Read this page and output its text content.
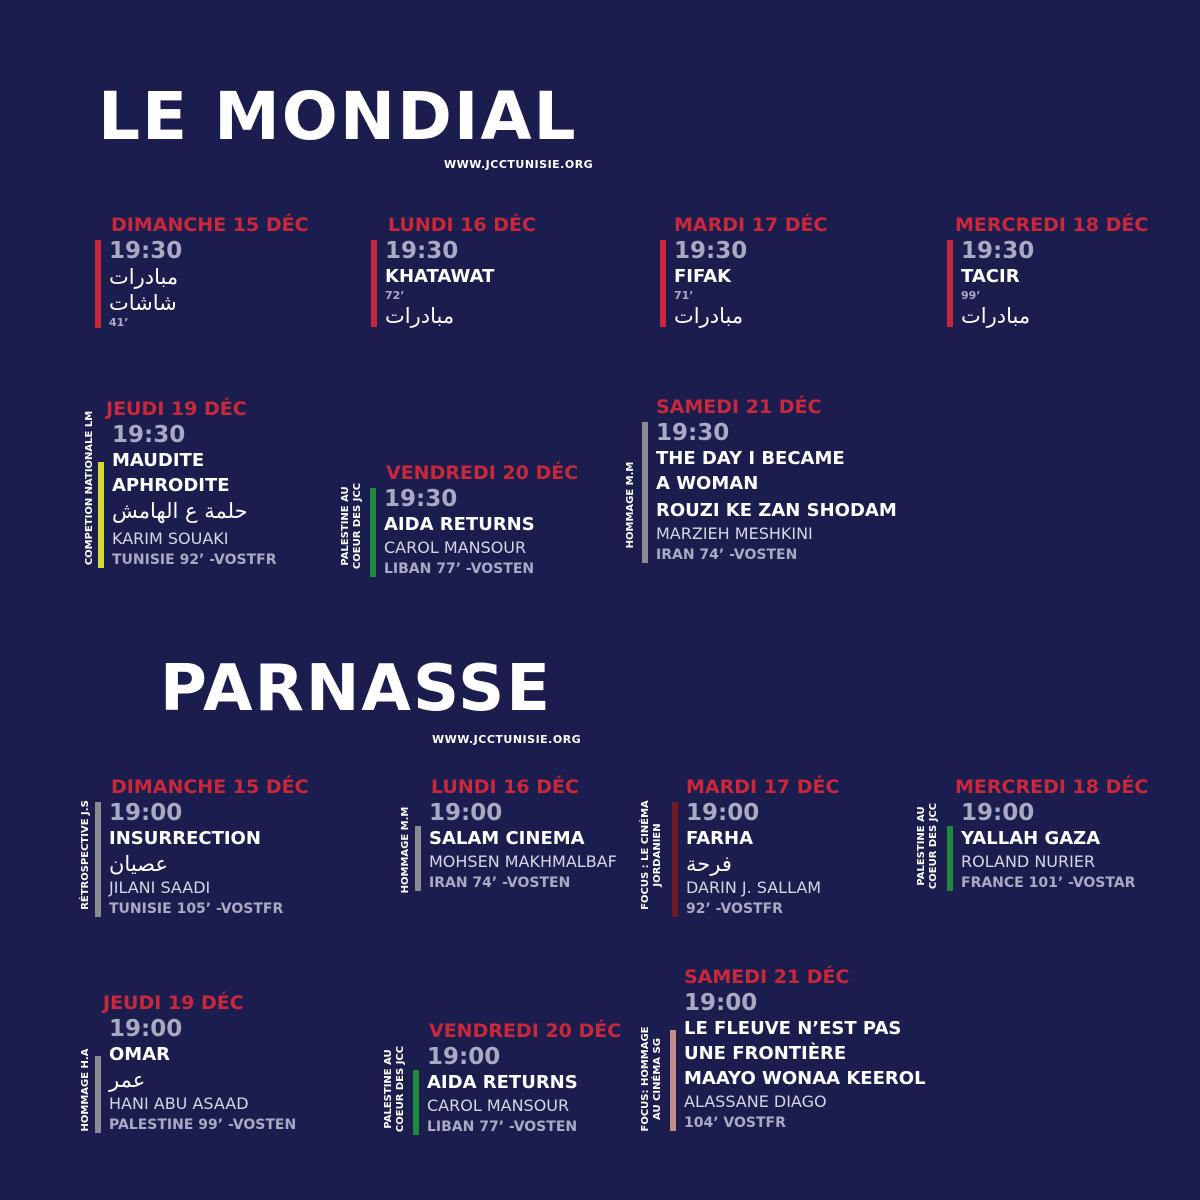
LE MONDIAL
WWW.JCCTUNISIE.ORG
DIMANCHE 15 DÉC
19:30
مبادرات
شاشات
41’
LUNDI 16 DÉC
19:30
KHATAWAT
72’
مبادرات
MARDI 17 DÉC
19:30
FIFAK
71’
مبادرات
MERCREDI 18 DÉC
19:30
TACIR
99’
مبادرات
COMPETION NATIONALE LM
JEUDI 19 DÉC
19:30
MAUDITE
APHRODITE
حلمة ع الهامش
KARIM SOUAKI
TUNISIE 92’ -VOSTFR	PALESTINE AU COEUR DES JCC
VENDREDI 20 DÉC
19:30
AIDA RETURNS
CAROL MANSOUR
LIBAN 77’ -VOSTEN
HOMMAGE M.M
SAMEDI 21 DÉC
19:30
THE DAY I BECAME
A WOMAN
ROUZI KE ZAN SHODAM
MARZIEH MESHKINI
IRAN 74’ -VOSTEN
PARNASSE
WWW.JCCTUNISIE.ORG
RÉTROSPECTIVE J.S
DIMANCHE 15 DÉC
19:00
INSURRECTION
عصيان
JILANI SAADI
TUNISIE 105’ -VOSTFR
HOMMAGE M.M
LUNDI 16 DÉC
19:00
SALAM CINEMA
MOHSEN MAKHMALBAF
IRAN 74’ -VOSTEN	FOCUS : LE CINÉMA JORDANIEN
MARDI 17 DÉC
19:00
FARHA
فرحة
DARIN J. SALLAM
92’ -VOSTFR
PALESTINE AU COEUR DES JCC
MERCREDI 18 DÉC
19:00
YALLAH GAZA
ROLAND NURIER
FRANCE 101’ -VOSTAR
HOMMAGE H.A
JEUDI 19 DÉC
19:00
OMAR
عمر
HANI ABU ASAAD
PALESTINE 99’ -VOSTEN	PALESTINE AU COEUR DES JCC
VENDREDI 20 DÉC
19:00
AIDA RETURNS
CAROL MANSOUR
LIBAN 77’ -VOSTEN	FOCUS: HOMMAGE AU CINÉMA SG
SAMEDI 21 DÉC
19:00
LE FLEUVE N’EST PAS
UNE FRONTIÈRE
MAAYO WONAA KEEROL
ALASSANE DIAGO
104’ VOSTFR
